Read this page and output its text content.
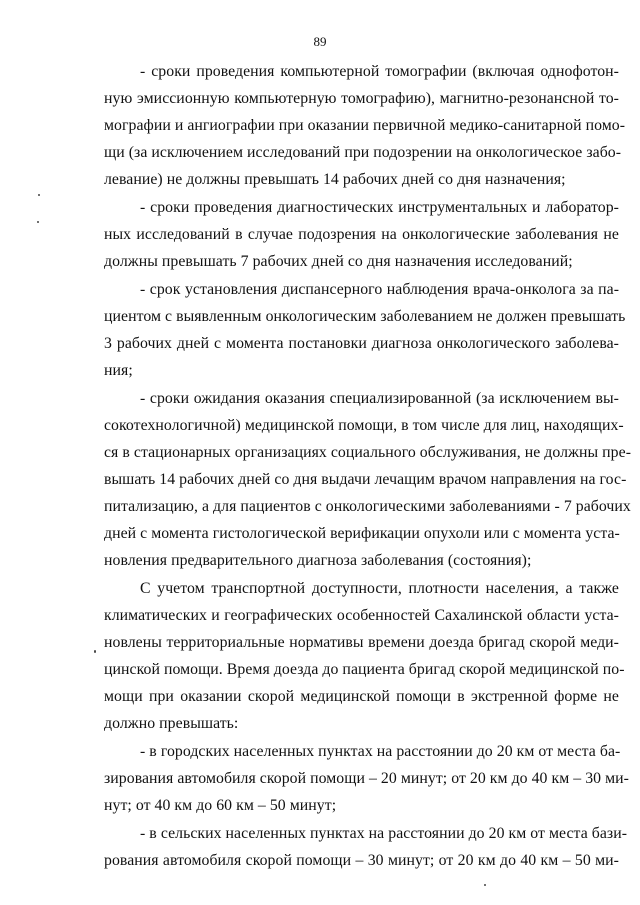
89
- сроки проведения компьютерной томографии (включая однофотон-
ную эмиссионную компьютерную томографию), магнитно-резонансной то-
мографии и ангиографии при оказании первичной медико-санитарной помо-
щи (за исключением исследований при подозрении на онкологическое забо-
левание) не должны превышать 14 рабочих дней со дня назначения;
- сроки проведения диагностических инструментальных и лаборатор-
ных исследований в случае подозрения на онкологические заболевания не
должны превышать 7 рабочих дней со дня назначения исследований;
- срок установления диспансерного наблюдения врача-онколога за па-
циентом с выявленным онкологическим заболеванием не должен превышать
3 рабочих дней с момента постановки диагноза онкологического заболева-
ния;
- сроки ожидания оказания специализированной (за исключением вы-
сокотехнологичной) медицинской помощи, в том числе для лиц, находящих-
ся в стационарных организациях социального обслуживания, не должны пре-
вышать 14 рабочих дней со дня выдачи лечащим врачом направления на гос-
питализацию, а для пациентов с онкологическими заболеваниями - 7 рабочих
дней с момента гистологической верификации опухоли или с момента уста-
новления предварительного диагноза заболевания (состояния);
С учетом транспортной доступности, плотности населения, а также
климатических и географических особенностей Сахалинской области уста-
новлены территориальные нормативы времени доезда бригад скорой меди-
цинской помощи. Время доезда до пациента бригад скорой медицинской по-
мощи при оказании скорой медицинской помощи в экстренной форме не
должно превышать:
- в городских населенных пунктах на расстоянии до 20 км от места ба-
зирования автомобиля скорой помощи – 20 минут; от 20 км до 40 км – 30 ми-
нут; от 40 км до 60 км – 50 минут;
- в сельских населенных пунктах на расстоянии до 20 км от места бази-
рования автомобиля скорой помощи – 30 минут; от 20 км до 40 км – 50 ми-
